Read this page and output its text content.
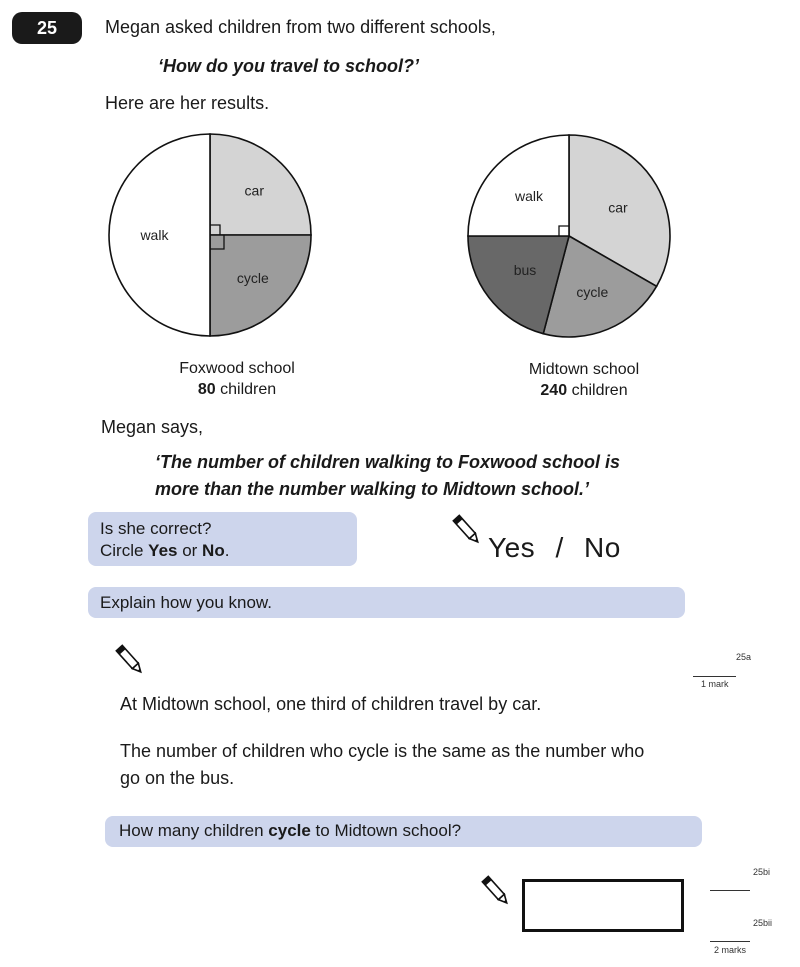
25	Megan asked children from two different schools,
‘How do you travel to school?’
Here are her results.
car
cycle
walk
car
cycle
bus
walk
Foxwood school
80 children
Midtown school
240 children
Megan says,
‘The number of children walking to Foxwood school is
more than the number walking to Midtown school.’
Is she correct?
Circle Yes or No.	Yes / No
Explain how you know.
25a
1 mark
At Midtown school, one third of children travel by car.
The number of children who cycle is the same as the number who
go on the bus.
How many children cycle to Midtown school?
25bi
25bii
2 marks
